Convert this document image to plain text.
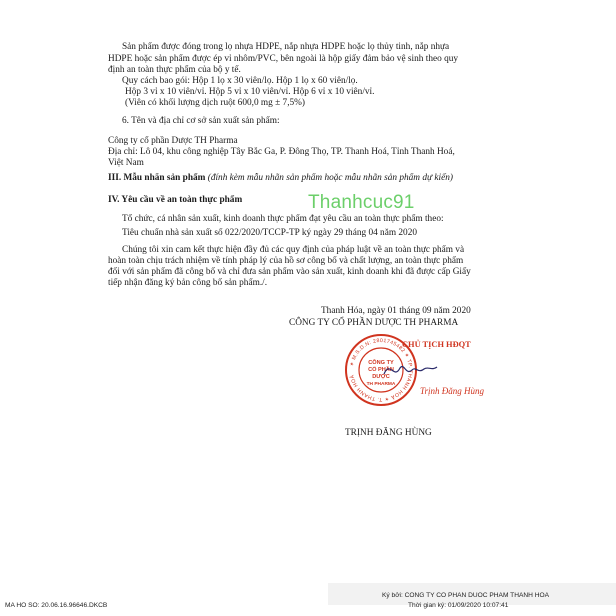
Sản phẩm được đóng trong lọ nhựa HDPE, nắp nhựa HDPE hoặc lọ thủy tinh, nắp nhựa

HDPE hoặc sản phẩm được ép vỉ nhôm/PVC, bên ngoài là hộp giấy đảm bảo vệ sinh theo quy

định an toàn thực phẩm của bộ y tế.

Quy cách bao gói: Hộp 1 lọ x 30 viên/lọ. Hộp 1 lọ x 60 viên/lọ.

Hộp 3 vỉ x 10 viên/vỉ. Hộp 5 vỉ x 10 viên/vỉ. Hộp 6 vỉ x 10 viên/vỉ.

(Viên có khối lượng dịch ruột 600,0 mg ± 7,5%)

6. Tên và địa chỉ cơ sở sản xuất sản phẩm:

Công ty cổ phần Dược TH Pharma

Địa chỉ: Lô 04, khu công nghiệp Tây Bắc Ga, P. Đông Thọ, TP. Thanh Hoá, Tỉnh Thanh Hoá,

Việt Nam

III. Mẫu nhãn sản phẩm (đính kèm mẫu nhãn sản phẩm hoặc mẫu nhãn sản phẩm dự kiến)

IV. Yêu cầu về an toàn thực phẩm	Thanhcuc91

Tổ chức, cá nhân sản xuất, kinh doanh thực phẩm đạt yêu cầu an toàn thực phẩm theo:

Tiêu chuẩn nhà sản xuất số 022/2020/TCCP-TP ký ngày 29 tháng 04 năm 2020

Chúng tôi xin cam kết thực hiện đầy đủ các quy định của pháp luật về an toàn thực phẩm và

hoàn toàn chịu trách nhiệm về tính pháp lý của hồ sơ công bố và chất lượng, an toàn thực phẩm

đối với sản phẩm đã công bố và chỉ đưa sản phẩm vào sản xuất, kinh doanh khi đã được cấp Giấy

tiếp nhận đăng ký bản công bố sản phẩm./.

Thanh Hóa, ngày 01 tháng 09 năm 2020

CÔNG TY CỔ PHẦN DƯỢC TH PHARMA

CHỦ TỊCH HĐQT

✶ M.S.D.N: 2801745482 ✶ TP. THANH HOÁ ✶ T. THANH HOÁ
CÔNG TY
CỔ PHẦN
DƯỢC
TH PHARMA

Trịnh Đăng Hùng

TRỊNH ĐĂNG HÙNG

Ký bởi: CONG TY CO PHAN DUOC PHAM THANH HOA

Thời gian ký: 01/09/2020 10:07:41

MA HO SO: 20.06.16.96646.DKCB
